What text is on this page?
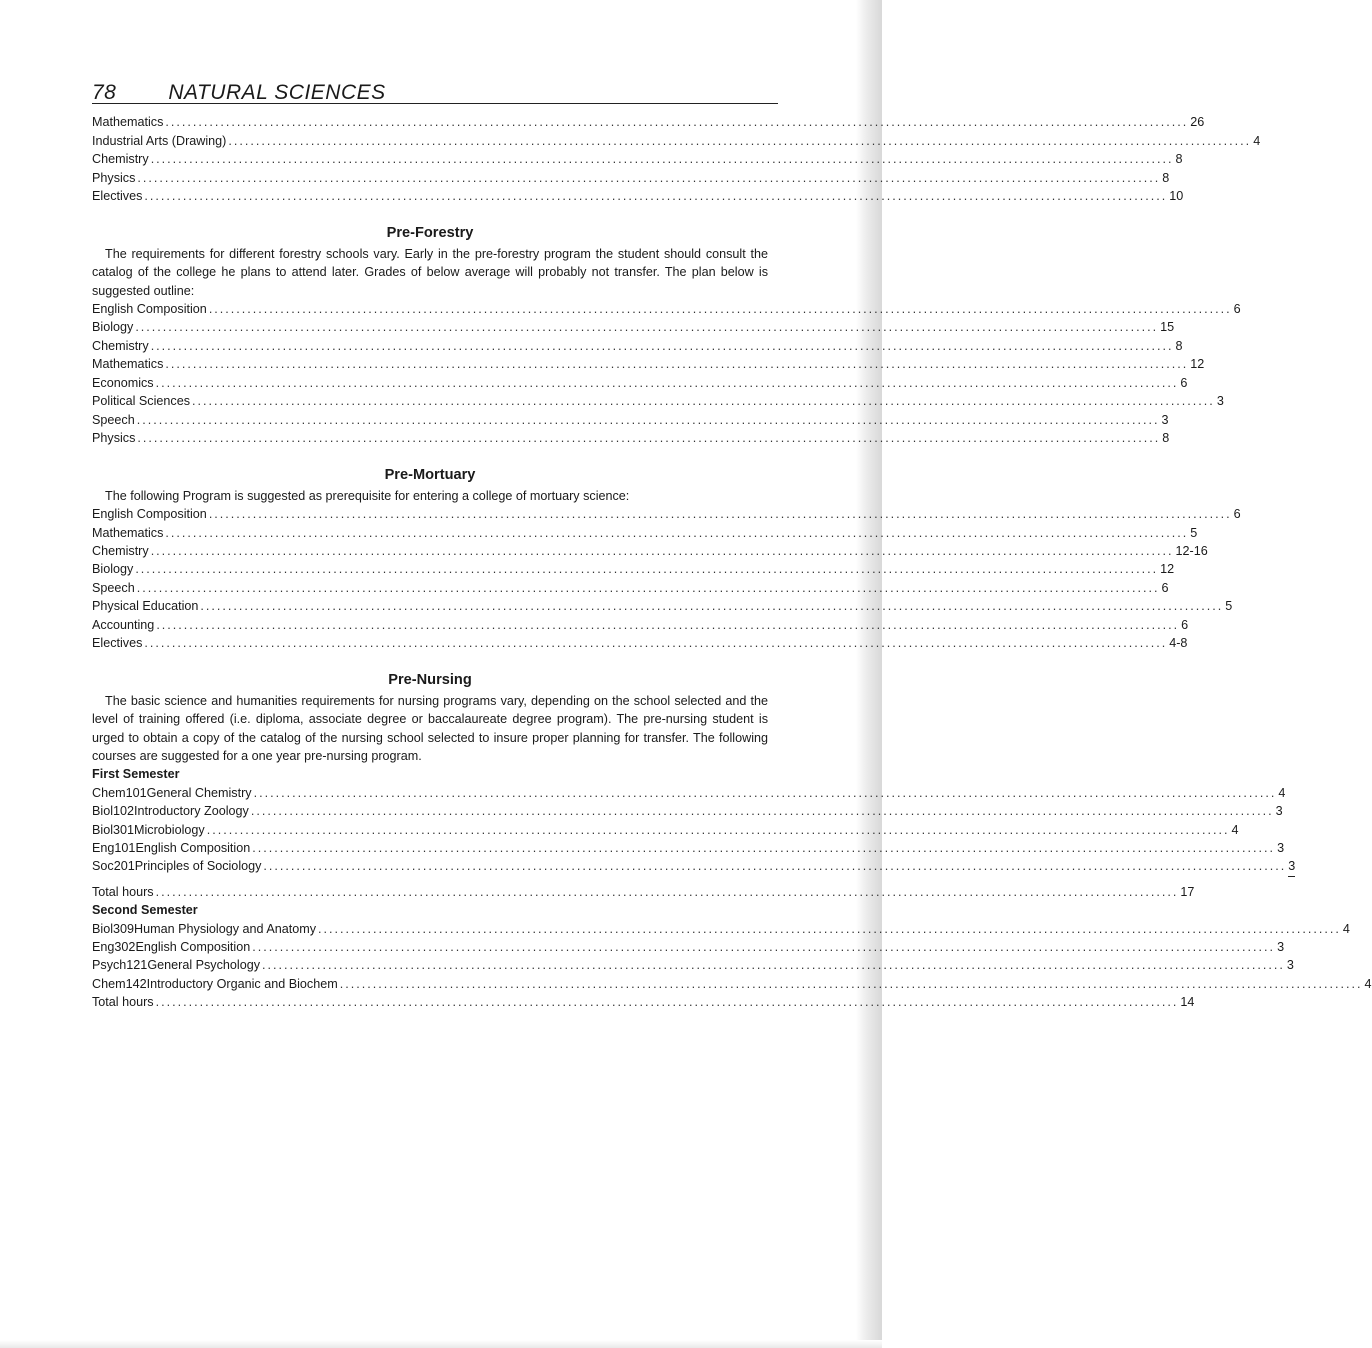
78 NATURAL SCIENCES
Mathematics .....	26
Industrial Arts (Drawing) .....	4
Chemistry .....	8
Physics .....	8
Electives .....	10
Pre-Forestry
The requirements for different forestry schools vary. Early in the pre-forestry program the student should consult the catalog of the college he plans to attend later. Grades of below average will probably not transfer. The plan below is suggested outline:
English Composition .....	6
Biology .....	15
Chemistry .....	8
Mathematics .....	12
Economics .....	6
Political Sciences .....	3
Speech .....	3
Physics .....	8
Pre-Mortuary
The following Program is suggested as prerequisite for entering a college of mortuary science:
English Composition .....	6
Mathematics .....	5
Chemistry .....	12-16
Biology .....	12
Speech .....	6
Physical Education .....	5
Accounting .....	6
Electives .....	4-8
Pre-Nursing
The basic science and humanities requirements for nursing programs vary, depending on the school selected and the level of training offered (i.e. diploma, associate degree or baccalaureate degree program). The pre-nursing student is urged to obtain a copy of the catalog of the nursing school selected to insure proper planning for transfer. The following courses are suggested for a one year pre-nursing program.
First Semester
Chem 101 General Chemistry .....	4
Biol 102 Introductory Zoology .....	3
Biol 301 Microbiology .....	4
Eng 101 English Composition .....	3
Soc 201 Principles of Sociology .....	3
Total hours .....	17
Second Semester
Biol 309 Human Physiology and Anatomy .....	4
Eng 302 English Composition .....	3
Psych 121 General Psychology .....	3
Chem 142 Introductory Organic and Biochem .....	4
Total hours .....	14
